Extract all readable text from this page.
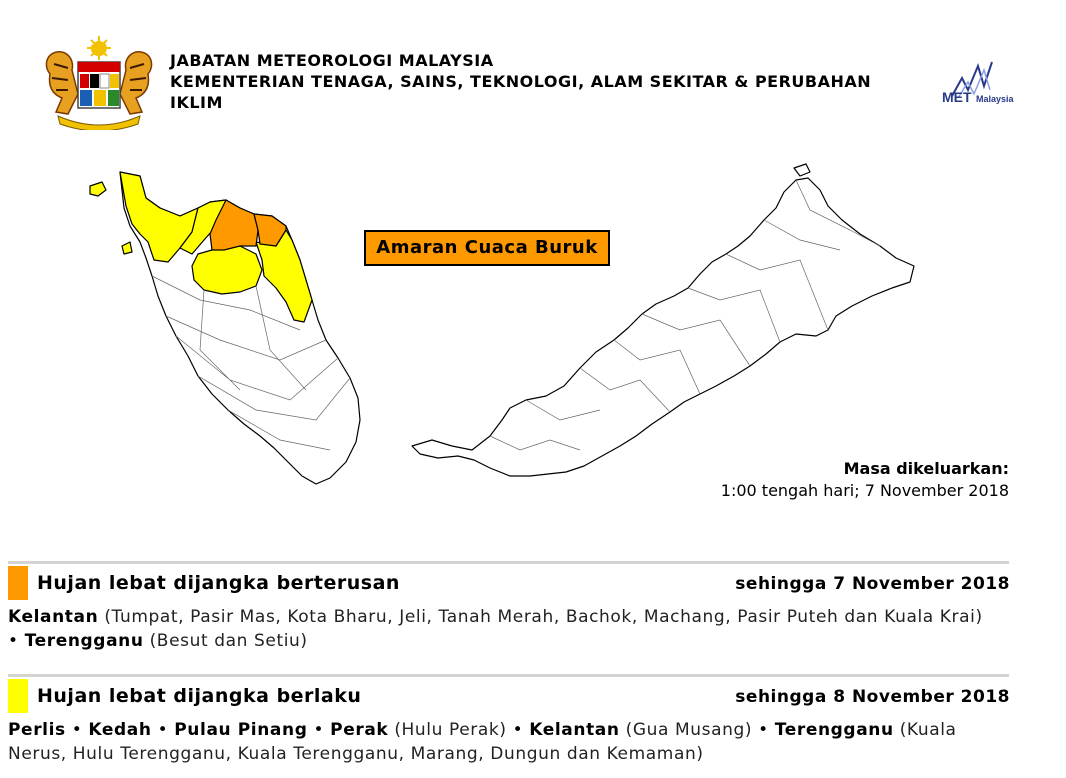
JABATAN METEOROLOGI MALAYSIA
KEMENTERIAN TENAGA, SAINS, TEKNOLOGI, ALAM SEKITAR & PERUBAHAN
IKLIM	MET Malaysia
Amaran Cuaca Buruk
Masa dikeluarkan:
1:00 tengah hari; 7 November 2018
Hujan lebat dijangka berterusan	sehingga 7 November 2018
Kelantan (Tumpat, Pasir Mas, Kota Bharu, Jeli, Tanah Merah, Bachok, Machang, Pasir Puteh dan Kuala Krai)
• Terengganu (Besut dan Setiu)
Hujan lebat dijangka berlaku	sehingga 8 November 2018
Perlis • Kedah • Pulau Pinang • Perak (Hulu Perak) • Kelantan (Gua Musang) • Terengganu (Kuala Nerus, Hulu Terengganu, Kuala Terengganu, Marang, Dungun dan Kemaman)
